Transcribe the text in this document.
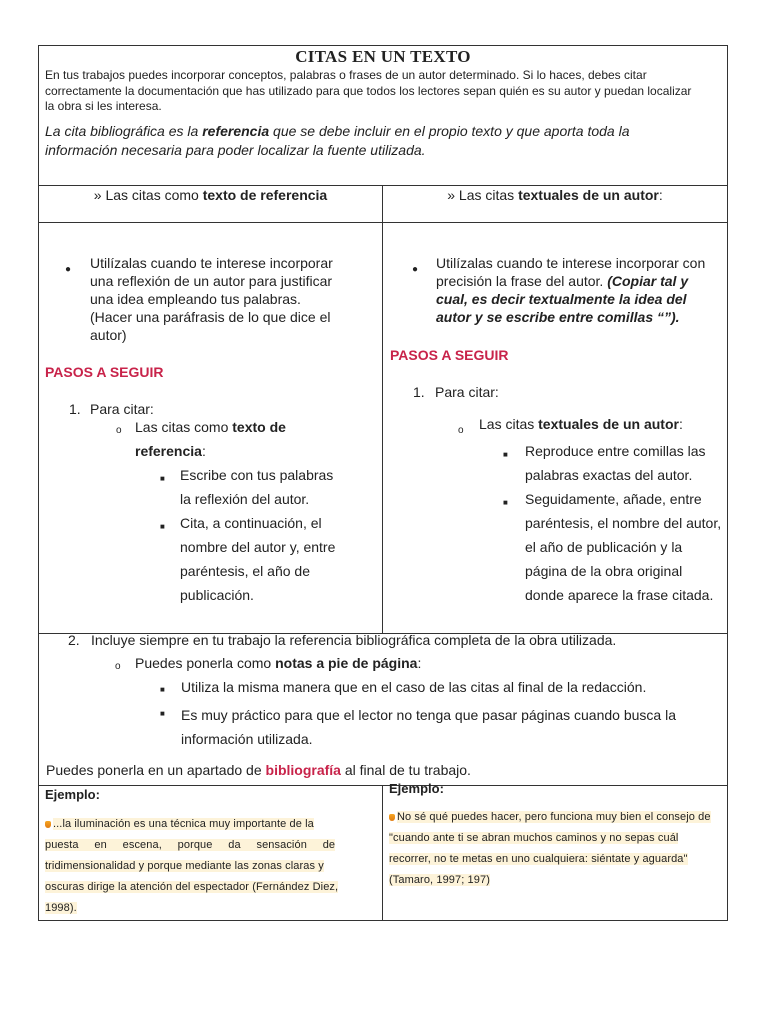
CITAS EN UN TEXTO
En tus trabajos puedes incorporar conceptos, palabras o frases de un autor determinado. Si lo haces, debes citar
correctamente la documentación que has utilizado para que todos los lectores sepan quién es su autor y puedan localizar
la obra si les interesa.
La cita bibliográfica es la referencia que se debe incluir en el propio texto y que aporta toda la
información necesaria para poder localizar la fuente utilizada.
» Las citas como texto de referencia	» Las citas textuales de un autor:
● Utilízalas cuando te interese incorporar
una reflexión de un autor para justificar
una idea empleando tus palabras.
(Hacer una paráfrasis de lo que dice el
autor)
PASOS A SEGUIR
1. Para citar:
o Las citas como texto de
referencia:
■ Escribe con tus palabras
la reflexión del autor.
■ Cita, a continuación, el
nombre del autor y, entre
paréntesis, el año de
publicación.
● Utilízalas cuando te interese incorporar con
precisión la frase del autor. (Copiar tal y
cual, es decir textualmente la idea del
autor y se escribe entre comillas “”).
PASOS A SEGUIR
1. Para citar:
o Las citas textuales de un autor:
■ Reproduce entre comillas las
palabras exactas del autor.
■ Seguidamente, añade, entre
paréntesis, el nombre del autor,
el año de publicación y la
página de la obra original
donde aparece la frase citada.
2. Incluye siempre en tu trabajo la referencia bibliográfica completa de la obra utilizada.
o Puedes ponerla como notas a pie de página:
■ Utiliza la misma manera que en el caso de las citas al final de la redacción.
■ Es muy práctico para que el lector no tenga que pasar páginas cuando busca la
información utilizada.
Puedes ponerla en un apartado de bibliografía al final de tu trabajo.
Ejemplo:
...la iluminación es una técnica muy importante de la
puesta     en     escena,     porque     da     sensación     de
tridimensionalidad y porque mediante las zonas claras y
oscuras dirige la atención del espectador (Fernández Diez,
1998).
Ejemplo:
No sé qué puedes hacer, pero funciona muy bien el consejo de
"cuando ante ti se abran muchos caminos y no sepas cuál
recorrer, no te metas en uno cualquiera: siéntate y aguarda"
(Tamaro, 1997; 197)
